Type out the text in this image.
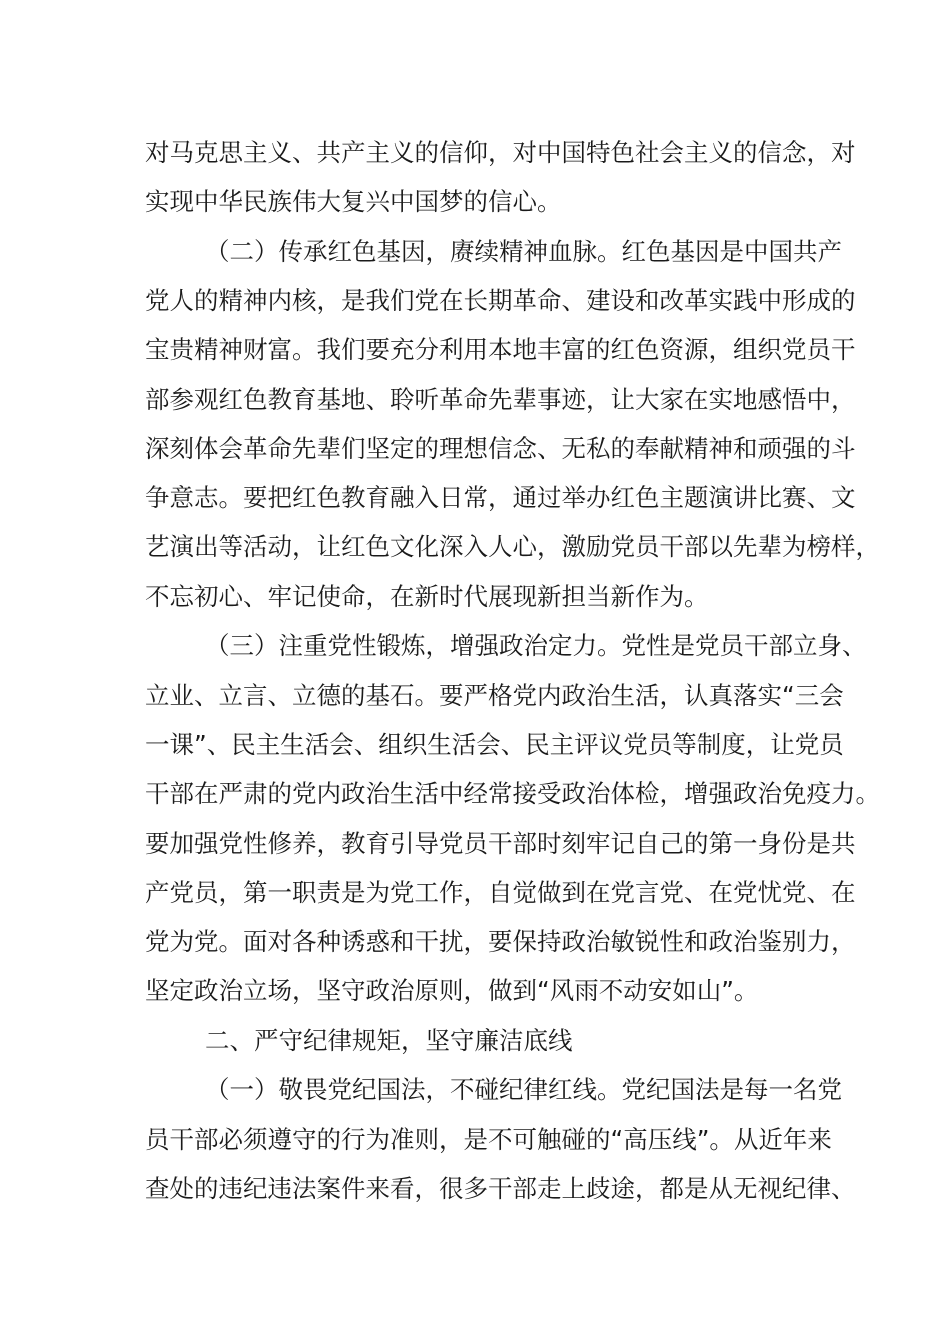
对马克思主义、共产主义的信仰，对中国特色社会主义的信念，对
实现中华民族伟大复兴中国梦的信心。
（二）传承红色基因，赓续精神血脉。红色基因是中国共产
党人的精神内核，是我们党在长期革命、建设和改革实践中形成的
宝贵精神财富。我们要充分利用本地丰富的红色资源，组织党员干
部参观红色教育基地、聆听革命先辈事迹，让大家在实地感悟中，
深刻体会革命先辈们坚定的理想信念、无私的奉献精神和顽强的斗
争意志。要把红色教育融入日常，通过举办红色主题演讲比赛、文
艺演出等活动，让红色文化深入人心，激励党员干部以先辈为榜样，
不忘初心、牢记使命，在新时代展现新担当新作为。
（三）注重党性锻炼，增强政治定力。党性是党员干部立身、
立业、立言、立德的基石。要严格党内政治生活，认真落实“三会
一课”、民主生活会、组织生活会、民主评议党员等制度，让党员
干部在严肃的党内政治生活中经常接受政治体检，增强政治免疫力。
要加强党性修养，教育引导党员干部时刻牢记自己的第一身份是共
产党员，第一职责是为党工作，自觉做到在党言党、在党忧党、在
党为党。面对各种诱惑和干扰，要保持政治敏锐性和政治鉴别力，
坚定政治立场，坚守政治原则，做到“风雨不动安如山”。
二、严守纪律规矩，坚守廉洁底线
（一）敬畏党纪国法，不碰纪律红线。党纪国法是每一名党
员干部必须遵守的行为准则，是不可触碰的“高压线”。从近年来
查处的违纪违法案件来看，很多干部走上歧途，都是从无视纪律、
